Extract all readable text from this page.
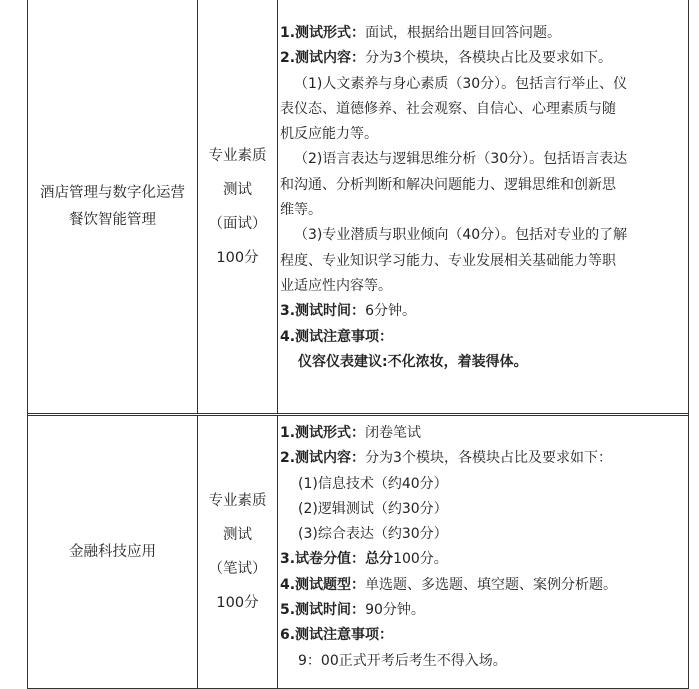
酒店管理与数字化运营
餐饮智能管理
专业素质
测试
（面试）
100分

1.测试形式：面试，根据给出题目回答问题。

2.测试内容：分为3个模块，各模块占比及要求如下。

（1)人文素养与身心素质（30分）。包括言行举止、仪

表仪态、道德修养、社会观察、自信心、心理素质与随

机反应能力等。

（2)语言表达与逻辑思维分析（30分）。包括语言表达

和沟通、分析判断和解决问题能力、逻辑思维和创新思

维等。

（3)专业潜质与职业倾向（40分）。包括对专业的了解

程度、专业知识学习能力、专业发展相关基础能力等职

业适应性内容等。

3.测试时间：6分钟。

4.测试注意事项：

仪容仪表建议:不化浓妆，着装得体。

金融科技应用
专业素质
测试
（笔试）
100分

1.测试形式：闭卷笔试

2.测试内容：分为3个模块，各模块占比及要求如下：

(1)信息技术（约40分）

(2)逻辑测试（约30分）

(3)综合表达（约30分）

3.试卷分值：总分100分。

4.测试题型：单选题、多选题、填空题、案例分析题。

5.测试时间：90分钟。

6.测试注意事项：

9：00正式开考后考生不得入场。
